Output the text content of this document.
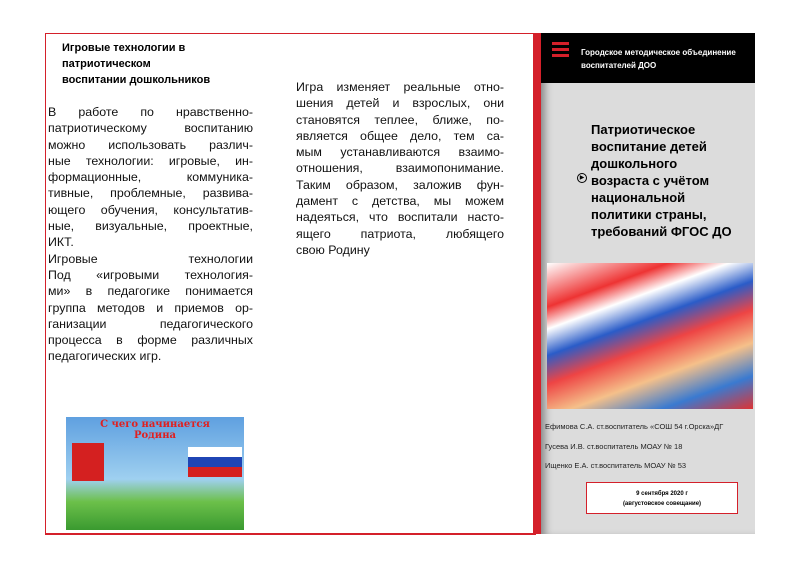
Игровые технологии в
патриотическом
воспитании дошкольников
В работе по нравственно-
патриотическому воспитанию
можно использовать различ-
ные технологии: игровые, ин-
формационные, коммуника-
тивные, проблемные, развива-
ющего обучения, консультатив-
ные, визуальные, проектные,
ИКТ.
Игровые технологии
Под «игровыми технология-
ми» в педагогике понимается
группа методов и приемов ор-
ганизации педагогического
процесса в форме различных
педагогических игр.
Игра изменяет реальные отно-
шения детей и взрослых, они
становятся теплее, ближе, по-
является общее дело, тем са-
мым устанавливаются взаимо-
отношения, взаимопонимание.
Таким образом, заложив фун-
дамент с детства, мы можем
надеяться, что воспитали насто-
ящего патриота, любящего
свою Родину
С чего начинается
Родина
Городское методическое объединение
воспитателей ДОО
▶
Патриотическое
воспитание детей
дошкольного
возраста с учётом
национальной
политики страны,
требований ФГОС ДО
Ефимова С.А. ст.воспитатель «СОШ 54 г.Орска»ДГ
Гусева И.В. ст.воспитатель МОАУ № 18
Ищенко Е.А. ст.воспитатель МОАУ № 53
9 сентября 2020 г
(августовское совещание)
